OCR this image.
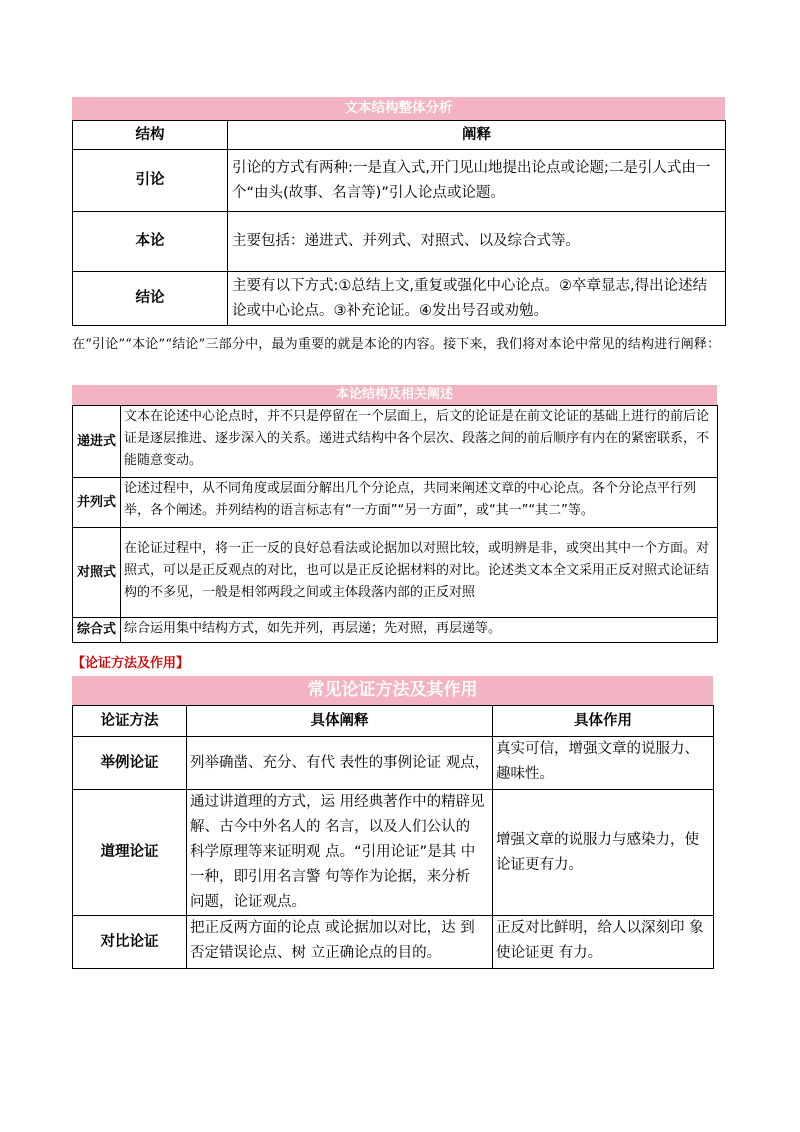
文本结构整体分析
结构	阐释
引论	引论的方式有两种:一是直入式,开门见山地提出论点或论题;二是引人式由一个“由头(故事、名言等)”引人论点或论题。
本论	主要包括：递进式、并列式、对照式、以及综合式等。
结论	主要有以下方式:①总结上文,重复或强化中心论点。②卒章显志,得出论述结论或中心论点。③补充论证。④发出号召或劝勉。
在“引论”“本论”“结论”三部分中，最为重要的就是本论的内容。接下来，我们将对本论中常见的结构进行阐释：
本论结构及相关阐述
递进式	文本在论述中心论点时，并不只是停留在一个层面上，后文的论证是在前文论证的基础上进行的前后论证是逐层推进、逐步深入的关系。递进式结构中各个层次、段落之间的前后顺序有内在的紧密联系，不能随意变动。
并列式	论述过程中，从不同角度或层面分解出几个分论点，共同来阐述文章的中心论点。各个分论点平行列举，各个阐述。并列结构的语言标志有“一方面”“另一方面”，或“其一”“其二”等。
对照式	在论证过程中，将一正一反的良好总看法或论据加以对照比较，或明辨是非，或突出其中一个方面。对照式，可以是正反观点的对比，也可以是正反论据材料的对比。论述类文本全文采用正反对照式论证结构的不多见，一般是相邻两段之间或主体段落内部的正反对照
综合式	综合运用集中结构方式，如先并列，再层递；先对照，再层递等。
【论证方法及作用】
常见论证方法及其作用
论证方法	具体阐释	具体作用
举例论证	列举确凿、充分、有代 表性的事例论证 观点，	真实可信，增强文章的说服力、趣味性。
道理论证	通过讲道理的方式，运 用经典著作中的精辟见解、古今中外名人的 名言，以及人们公认的 科学原理等来证明观 点。“引用论证”是其 中一种，即引用名言警 句等作为论据，来分析 问题，论证观点。	增强文章的说服力与感染力，使论证更有力。
对比论证	把正反两方面的论点 或论据加以对比，达 到否定错误论点、树 立正确论点的目的。	正反对比鲜明，给人以深刻印 象使论证更 有力。
